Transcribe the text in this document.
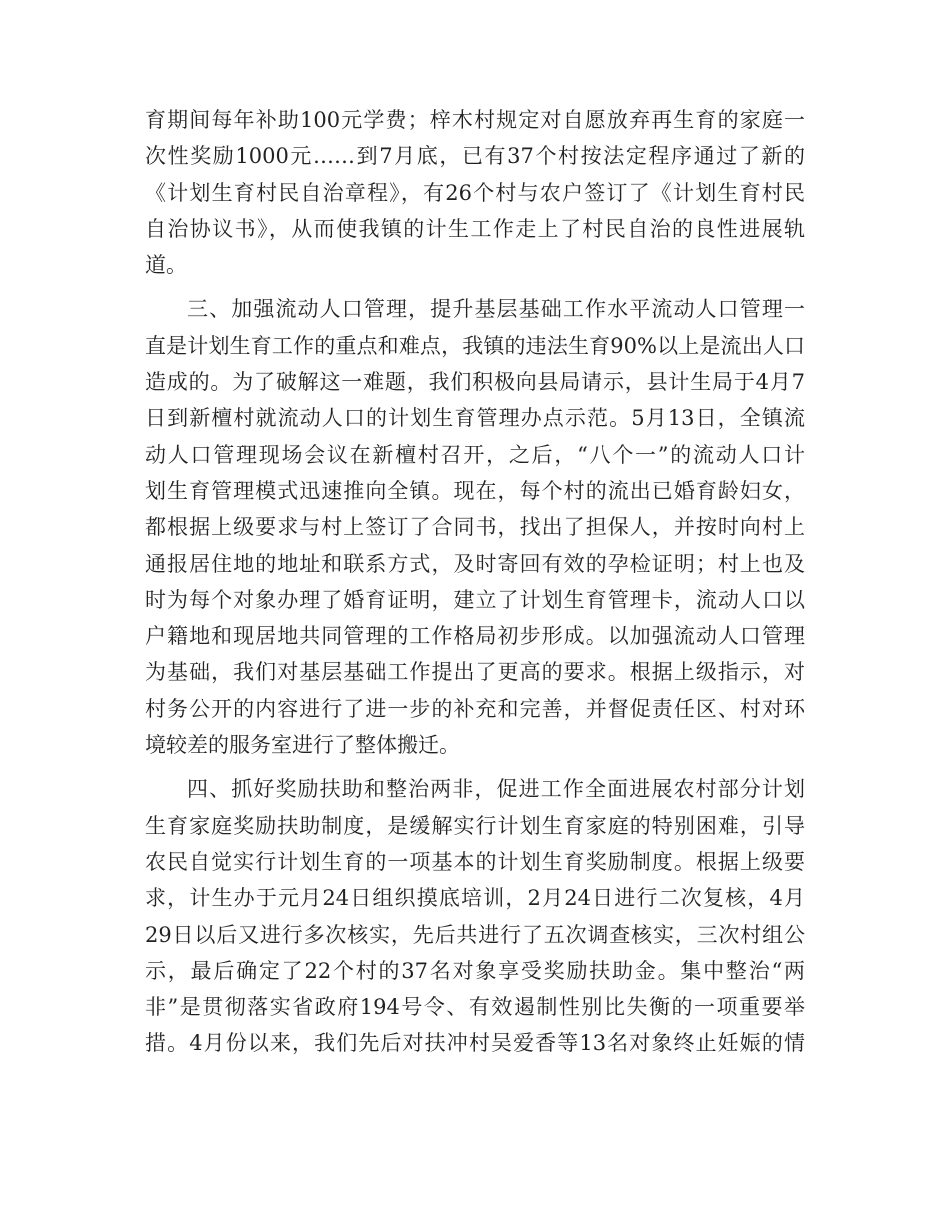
育期间每年补助100元学费；梓木村规定对自愿放弃再生育的家庭一
次性奖励1000元……到7月底，已有37个村按法定程序通过了新的
《计划生育村民自治章程》，有26个村与农户签订了《计划生育村民
自治协议书》，从而使我镇的计生工作走上了村民自治的良性进展轨
道。
三、加强流动人口管理，提升基层基础工作水平流动人口管理一
直是计划生育工作的重点和难点，我镇的违法生育90%以上是流出人口
造成的。为了破解这一难题，我们积极向县局请示，县计生局于4月7
日到新檀村就流动人口的计划生育管理办点示范。5月13日，全镇流
动人口管理现场会议在新檀村召开，之后，“八个一”的流动人口计
划生育管理模式迅速推向全镇。现在，每个村的流出已婚育龄妇女，
都根据上级要求与村上签订了合同书，找出了担保人，并按时向村上
通报居住地的地址和联系方式，及时寄回有效的孕检证明；村上也及
时为每个对象办理了婚育证明，建立了计划生育管理卡，流动人口以
户籍地和现居地共同管理的工作格局初步形成。以加强流动人口管理
为基础，我们对基层基础工作提出了更高的要求。根据上级指示，对
村务公开的内容进行了进一步的补充和完善，并督促责任区、村对环
境较差的服务室进行了整体搬迁。
四、抓好奖励扶助和整治两非，促进工作全面进展农村部分计划
生育家庭奖励扶助制度，是缓解实行计划生育家庭的特别困难，引导
农民自觉实行计划生育的一项基本的计划生育奖励制度。根据上级要
求，计生办于元月24日组织摸底培训，2月24日进行二次复核，4月
29日以后又进行多次核实，先后共进行了五次调查核实，三次村组公
示，最后确定了22个村的37名对象享受奖励扶助金。集中整治“两
非”是贯彻落实省政府194号令、有效遏制性别比失衡的一项重要举
措。4月份以来，我们先后对扶冲村吴爱香等13名对象终止妊娠的情
